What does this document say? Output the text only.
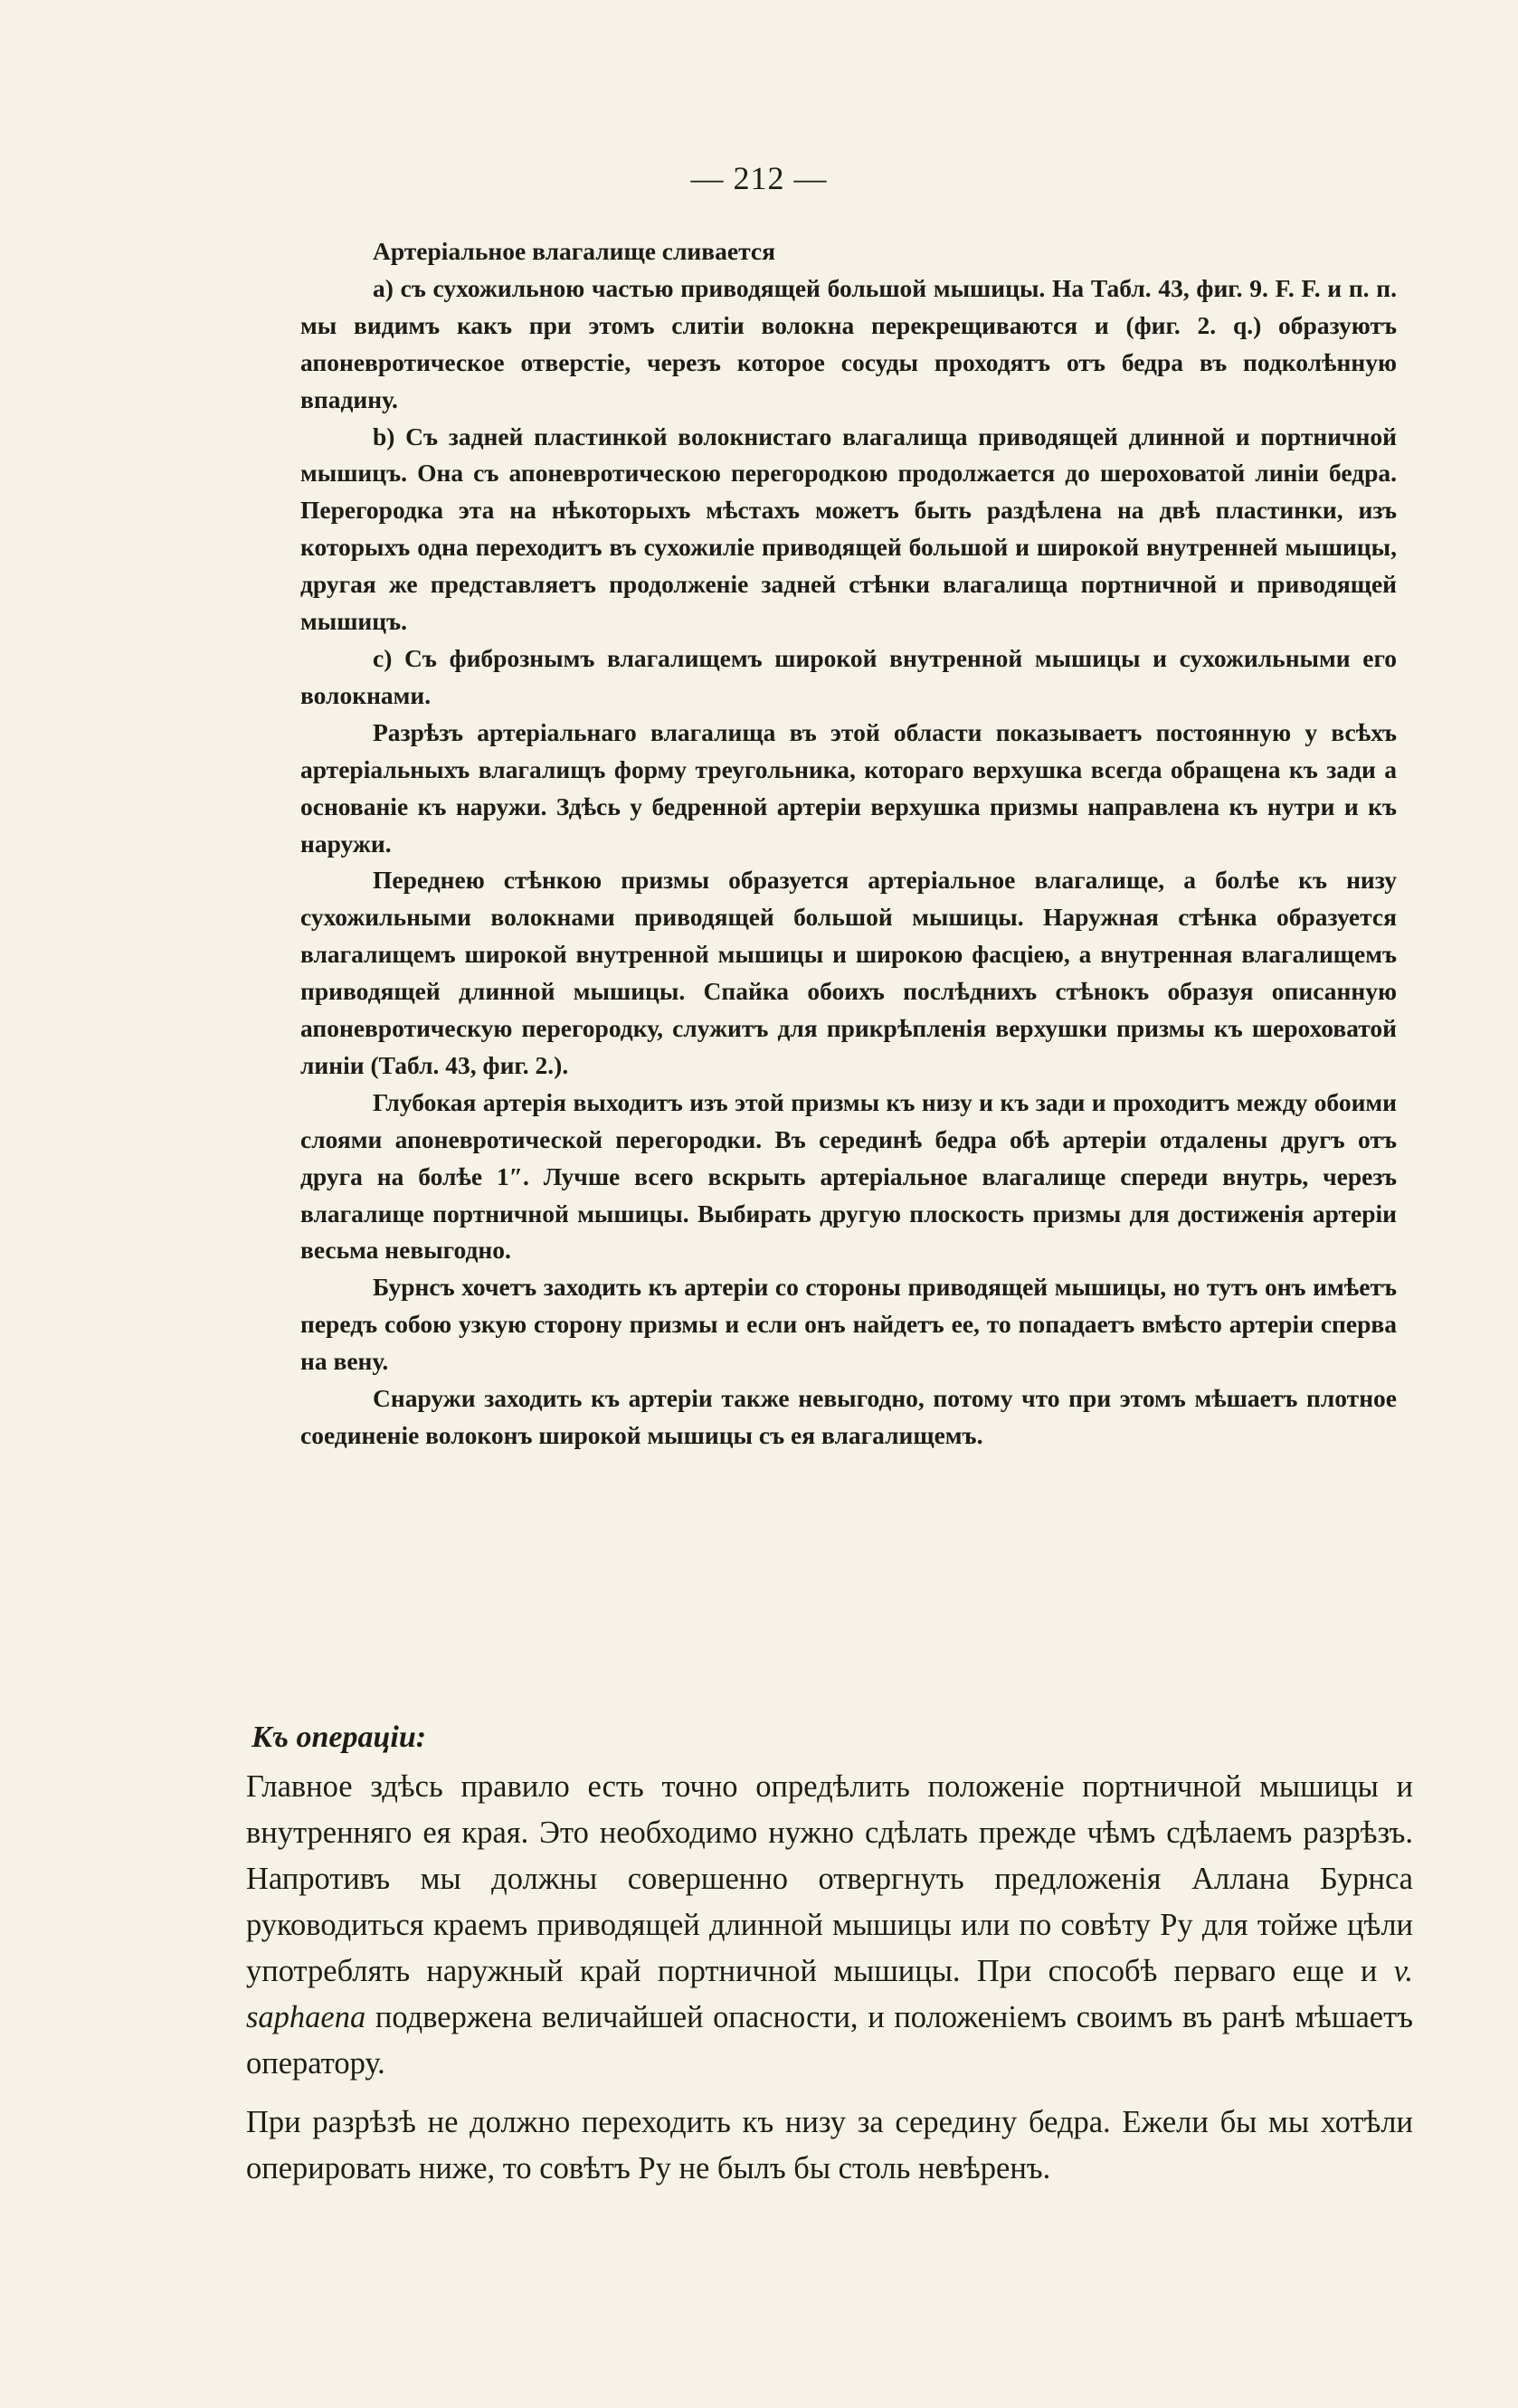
— 212 —

Артеріальное влагалище сливается

a) съ сухожильною частью приводящей большой мышицы. На Табл. 43, фиг. 9. F. F. и п. п. мы видимъ какъ при этомъ слитіи волокна перекрещиваются и (фиг. 2. q.) образуютъ апоневротическое отверстіе, черезъ которое сосуды проходятъ отъ бедра въ подколѣнную впадину.

b) Съ задней пластинкой волокнистаго влагалища приводящей длинной и портничной мышицъ. Она съ апоневротическою перегородкою продолжается до шероховатой линіи бедра. Перегородка эта на нѣкоторыхъ мѣстахъ можетъ быть раздѣлена на двѣ пластинки, изъ которыхъ одна переходитъ въ сухожиліе приводящей большой и широкой внутренней мышицы, другая же представляетъ продолженіе задней стѣнки влагалища портничной и приводящей мышицъ.

c) Съ фибрознымъ влагалищемъ широкой внутренной мышицы и сухожильными его волокнами.

Разрѣзъ артеріальнаго влагалища въ этой области показываетъ постоянную у всѣхъ артеріальныхъ влагалищъ форму треугольника, котораго верхушка всегда обращена къ зади а основаніе къ наружи. Здѣсь у бедренной артеріи верхушка призмы направлена къ нутри и къ наружи.

Переднею стѣнкою призмы образуется артеріальное влагалище, а болѣе къ низу сухожильными волокнами приводящей большой мышицы. Наружная стѣнка образуется влагалищемъ широкой внутренной мышицы и широкою фасціею, а внутренная влагалищемъ приводящей длинной мышицы. Спайка обоихъ послѣднихъ стѣнокъ образуя описанную апоневротическую перегородку, служитъ для прикрѣпленія верхушки призмы къ шероховатой линіи (Табл. 43, фиг. 2.).

Глубокая артерія выходитъ изъ этой призмы къ низу и къ зади и проходитъ между обоими слоями апоневротической перегородки. Въ серединѣ бедра обѣ артеріи отдалены другъ отъ друга на болѣе 1″. Лучше всего вскрыть артеріальное влагалище спереди внутрь, черезъ влагалище портничной мышицы. Выбирать другую плоскость призмы для достиженія артеріи весьма невыгодно.

Бурнсъ хочетъ заходить къ артеріи со стороны приводящей мышицы, но тутъ онъ имѣетъ передъ собою узкую сторону призмы и если онъ найдетъ ее, то попадаетъ вмѣсто артеріи сперва на вену.

Снаружи заходить къ артеріи также невыгодно, потому что при этомъ мѣшаетъ плотное соединеніе волоконъ широкой мышицы съ ея влагалищемъ.

Къ операціи:

Главное здѣсь правило есть точно опредѣлить положеніе портничной мышицы и внутренняго ея края. Это необходимо нужно сдѣлать прежде чѣмъ сдѣлаемъ разрѣзъ. Напротивъ мы должны совершенно отвергнуть предложенія Аллана Бурнса руководиться краемъ приводящей длинной мышицы или по совѣту Ру для тойже цѣли употреблять наружный край портничной мышицы. При способѣ перваго еще и v. saphaena подвержена величайшей опасности, и положеніемъ своимъ въ ранѣ мѣшаетъ оператору.

При разрѣзѣ не должно переходить къ низу за середину бедра. Ежели бы мы хотѣли оперировать ниже, то совѣтъ Ру не былъ бы столь невѣренъ.
